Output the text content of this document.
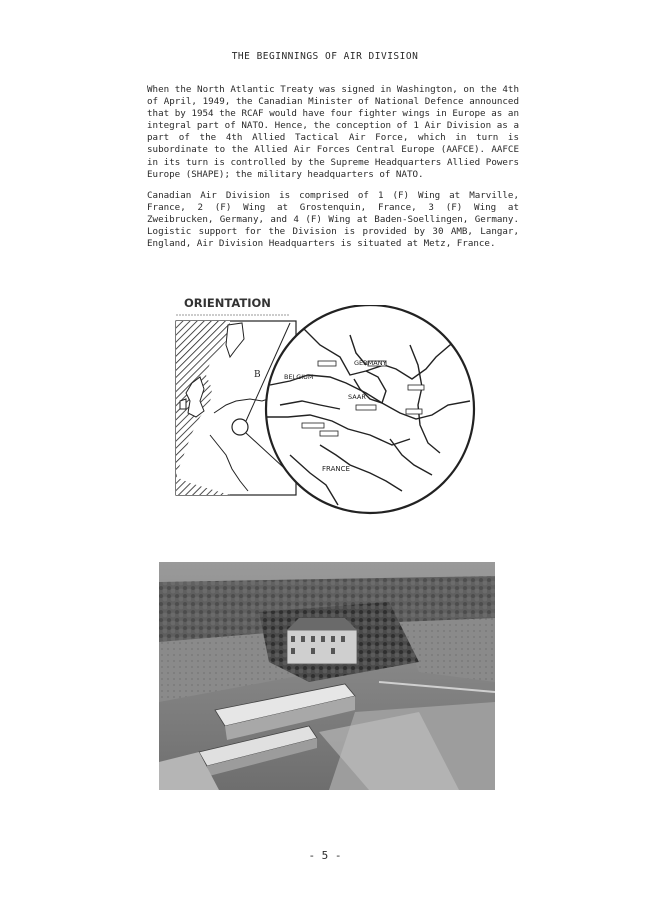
THE BEGINNINGS OF AIR DIVISION

When the North Atlantic Treaty was signed in Washington, on the 4th of April, 1949, the Canadian Minister of National Defence announced that by 1954 the RCAF would have four fighter wings in Europe as an integral part of NATO. Hence, the conception of 1 Air Division as a part of the 4th Allied Tactical Air Force, which in turn is subordinate to the Allied Air Forces Central Europe (AAFCE). AAFCE in its turn is controlled by the Supreme Headquarters Allied Powers Europe (SHAPE); the military headquarters of NATO.

Canadian Air Division is comprised of 1 (F) Wing at Marville, France, 2 (F) Wing at Grostenquin, France, 3 (F) Wing at Zweibrucken, Germany, and 4 (F) Wing at Baden-Soellingen, Germany. Logistic support for the Division is provided by 30 AMB, Langar, England, Air Division Headquarters is situated at Metz, France.

ORIENTATION
B	BELGIUM
GERMANY
SAAR
FRANCE
- 5 -
